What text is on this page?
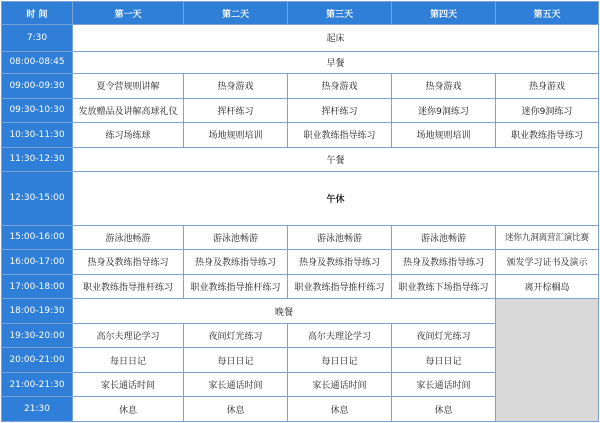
时 间	第一天	第二天	第三天	第四天	第五天
7:30	起床				
08:00-08:45	早餐				
09:00-09:30	夏令营规则讲解	热身游戏	热身游戏	热身游戏	热身游戏
09:30-10:30	发放赠品及讲解高球礼仪	挥杆练习	挥杆练习	迷你9洞练习	迷你9洞练习
10:30-11:30	练习场练球	场地规则培训	职业教练指导练习	场地规则培训	职业教练指导练习
11:30-12:30	午餐				
12:30-15:00	午休				
15:00-16:00	游泳池畅游	游泳池畅游	游泳池畅游	游泳池畅游	迷你九洞离营汇演比赛
16:00-17:00	热身及教练指导练习	热身及教练指导练习	热身及教练指导练习	热身及教练指导练习	颁发学习证书及演示
17:00-18:00	职业教练指导推杆练习	职业教练指导推杆练习	职业教练指导推杆练习	职业教练下场指导练习	离开棕榈岛
18:00-19:30	晚餐				
19:30-20:00	高尔夫理论学习	夜间灯光练习	高尔夫理论学习	夜间灯光练习	
20:00-21:00	每日日记	每日日记	每日日记	每日日记	
21:00-21:30	家长通话时间	家长通话时间	家长通话时间	家长通话时间	
21:30	休息	休息	休息	休息	
